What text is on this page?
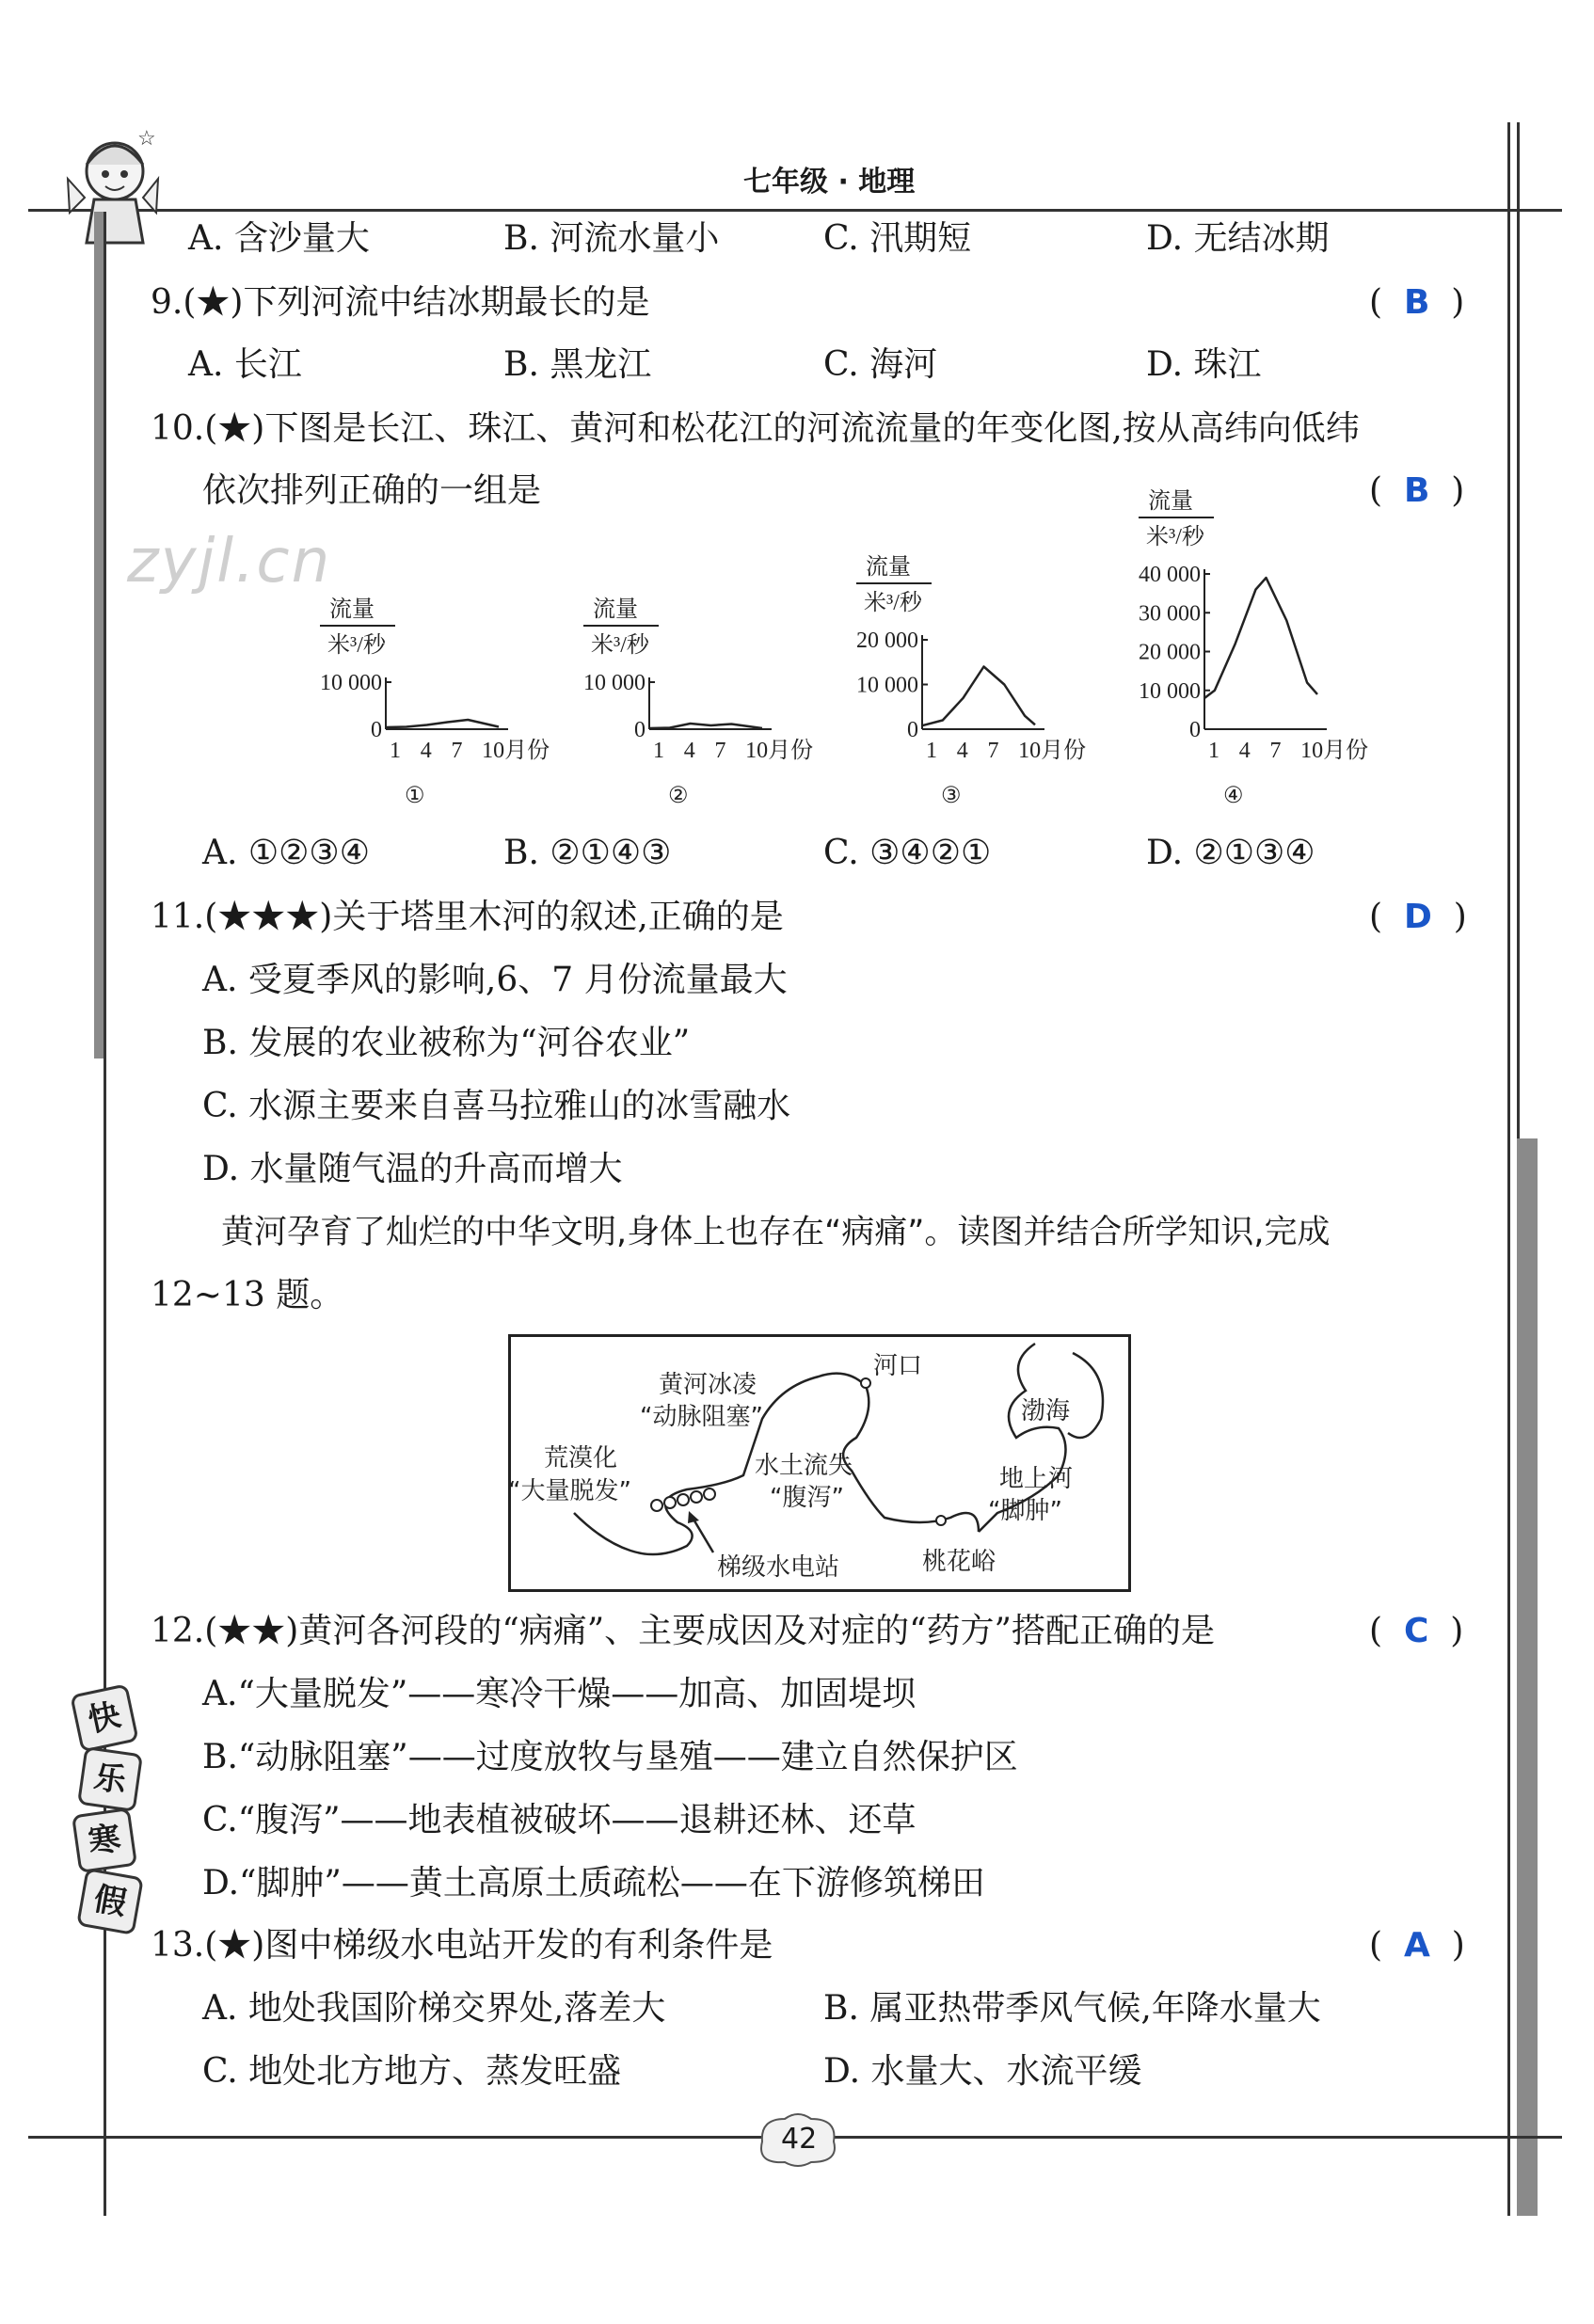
七年级 · 地理
☆
zyjl.cn
A. 含沙量大	B. 河流水量小	C. 汛期短	D. 无结冰期
9.(★)下列河流中结冰期最长的是	(  B  )
A. 长江	B. 黑龙江	C. 海河	D. 珠江
10.(★)下图是长江、珠江、黄河和松花江的河流流量的年变化图,按从高纬向低纬
依次排列正确的一组是	(  B  )
流量
米³/秒
0
10 000
1 4 7 10月份
①
流量
米³/秒
0
10 000
1 4 7 10月份
②
流量
米³/秒
0
10 000
20 000
1 4 7 10月份
③
流量
米³/秒
0
10 000
20 000
30 000
40 000
1 4 7 10月份
④
A. ①②③④	B. ②①④③	C. ③④②①	D. ②①③④
11.(★★★)关于塔里木河的叙述,正确的是	(  D  )
A. 受夏季风的影响,6、7 月份流量最大
B. 发展的农业被称为“河谷农业”
C. 水源主要来自喜马拉雅山的冰雪融水
D. 水量随气温的升高而增大
黄河孕育了灿烂的中华文明,身体上也存在“病痛”。读图并结合所学知识,完成
12~13 题。
河口
渤海
黄河冰凌
“动脉阻塞”
荒漠化
“大量脱发”
水土流失
“腹泻”
地上河
“脚肿”
梯级水电站	桃花峪
12.(★★)黄河各河段的“病痛”、主要成因及对症的“药方”搭配正确的是	(  C  )
A.“大量脱发”——寒冷干燥——加高、加固堤坝
B.“动脉阻塞”——过度放牧与垦殖——建立自然保护区
C.“腹泻”——地表植被破坏——退耕还林、还草
D.“脚肿”——黄土高原土质疏松——在下游修筑梯田
13.(★)图中梯级水电站开发的有利条件是	(  A  )
A. 地处我国阶梯交界处,落差大	B. 属亚热带季风气候,年降水量大
C. 地处北方地方、蒸发旺盛	D. 水量大、水流平缓
快
乐
寒
假
42
